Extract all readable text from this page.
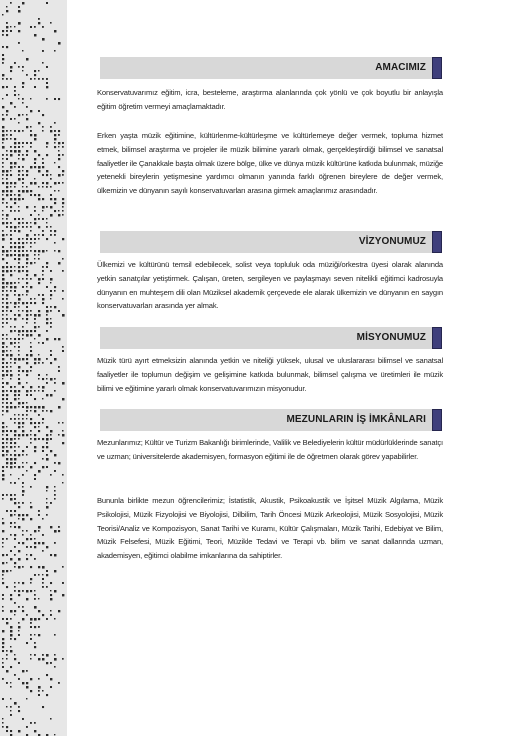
AMACIMIZ

Konservatuvarımız eğitim, icra, besteleme, araştırma alanlarında çok yönlü ve çok boyutlu bir anlayışla eğitim öğretim vermeyi amaçlamaktadır.

Erken yaşta müzik eğitimine, kültürlenme-kültürleşme ve kültürlemeye değer vermek, topluma hizmet etmek, bilimsel araştırma ve projeler ile müzik bilimine yararlı olmak, gerçekleştirdiği bilimsel ve sanatsal faaliyetler ile Çanakkale başta olmak üzere bölge, ülke ve dünya müzik kültürüne katkıda bulunmak, müziğe yetenekli bireylerin yetişmesine yardımcı olmanın yanında farklı öğrenen bireylere de değer vermek, ülkemizin ve dünyanın sayılı konservatuvarları arasına girmek amaçlarımız arasındadır.

VİZYONUMUZ

Ülkemizi ve kültürünü temsil edebilecek, solist veya topluluk oda müziği/orkestra üyesi olarak alanında yetkin sanatçılar yetiştirmek. Çalışan, üreten, sergileyen ve paylaşmayı seven nitelikli eğitimci kadrosuyla dünyanın en muhteşem dili olan Müziksel akademik çerçevede ele alarak ülkemizin ve dünyanın en saygın konservatuvarları arasında yer almak.

MİSYONUMUZ

Müzik türü ayırt etmeksizin alanında yetkin ve niteliği yüksek, ulusal ve uluslararası bilimsel ve sanatsal faaliyetler ile toplumun değişim ve gelişimine katkıda bulunmak, bilimsel çalışma ve üretimleri ile müzik bilimi ve eğitimine yararlı olmak konservatuvarımızın misyonudur.

MEZUNLARIN İŞ İMKÂNLARI

Mezunlarımız; Kültür ve Turizm Bakanlığı birimlerinde, Valilik ve Belediyelerin kültür müdürlüklerinde sanatçı ve uzman; üniversitelerde akademisyen, formasyon eğitimi ile de öğretmen olarak görev yapabilirler.

Bununla birlikte mezun öğrencilerimiz; İstatistik, Akustik, Psikoakustik ve İşitsel Müzik Algılama, Müzik Psikolojisi, Müzik Fizyolojisi ve Biyolojisi, Dilbilim, Tarih Öncesi Müzik Arkeolojisi, Müzik Sosyolojisi, Müzik Teorisi/Analiz ve Kompozisyon, Sanat Tarihi ve Kuramı, Kültür Çalışmaları, Müzik Tarihi, Edebiyat ve Bilim, Müzik Felsefesi, Müzik Eğitimi, Teori, Müzikle Tedavi ve Terapi vb. bilim ve sanat dallarında uzman, akademisyen, eğitimci olabilme imkanlarına da sahiptirler.
